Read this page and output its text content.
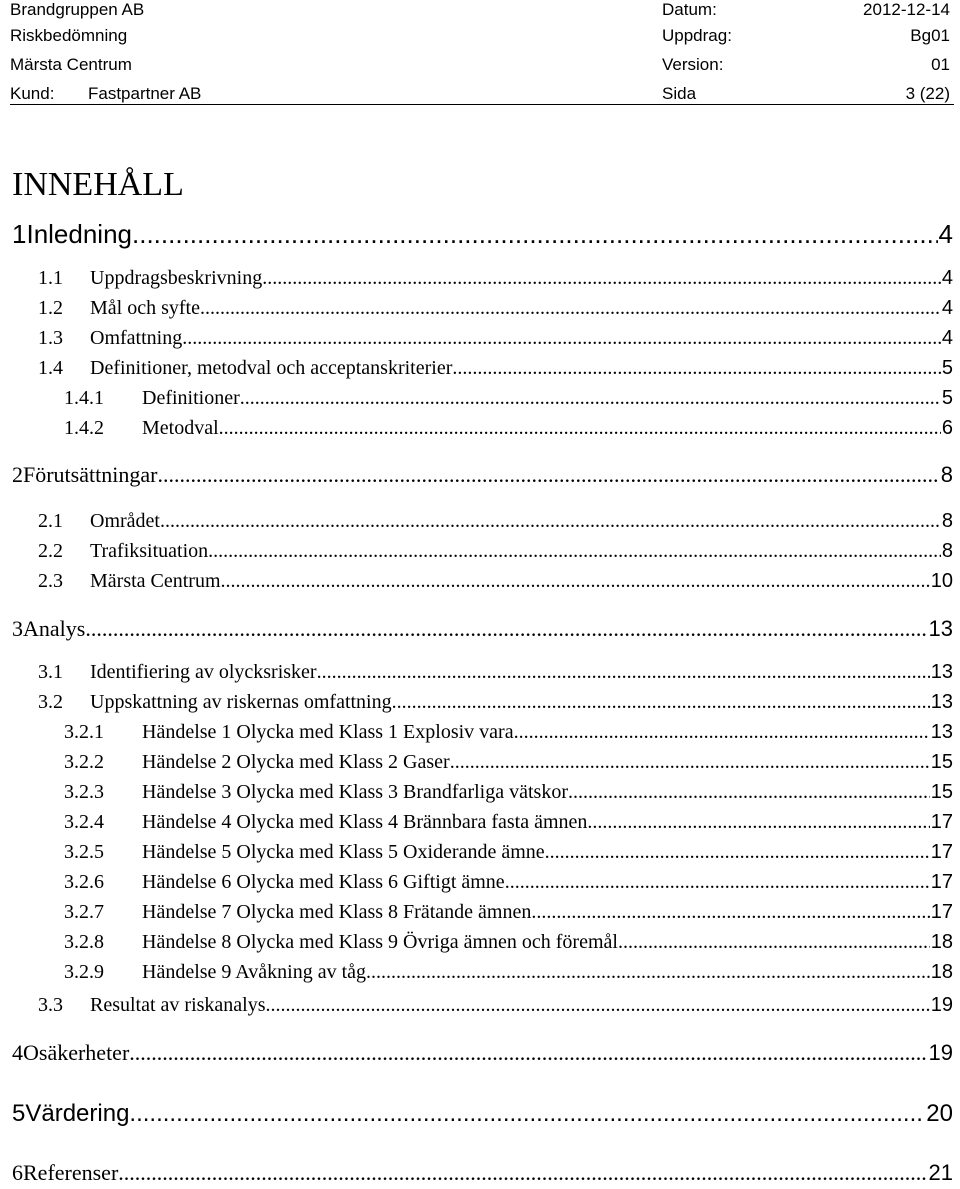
Brandgruppen AB	Datum:	2012-12-14
Riskbedömning	Uppdrag:	Bg01
Märsta Centrum	Version:	01
Kund: Fastpartner AB	Sida	3 (22)
INNEHÅLL
1 Inledning .....	4
1.1	Uppdragsbeskrivning .....	4
1.2	Mål och syfte .....	4
1.3	Omfattning .....	4
1.4	Definitioner, metodval och acceptanskriterier .....	5
1.4.1	Definitioner .....	5
1.4.2	Metodval .....	6
2 Förutsättningar .....	8
2.1	Området .....	8
2.2	Trafiksituation .....	8
2.3	Märsta Centrum .....	10
3 Analys .....	13
3.1	Identifiering av olycksrisker .....	13
3.2	Uppskattning av riskernas omfattning .....	13
3.2.1	Händelse 1 Olycka med Klass 1 Explosiv vara .....	13
3.2.2	Händelse 2 Olycka med Klass 2 Gaser .....	15
3.2.3	Händelse 3 Olycka med Klass 3 Brandfarliga vätskor .....	15
3.2.4	Händelse 4 Olycka med Klass 4 Brännbara fasta ämnen .....	17
3.2.5	Händelse 5 Olycka med Klass 5 Oxiderande ämne .....	17
3.2.6	Händelse 6 Olycka med Klass 6 Giftigt ämne .....	17
3.2.7	Händelse 7 Olycka med Klass 8 Frätande ämnen .....	17
3.2.8	Händelse 8 Olycka med Klass 9 Övriga ämnen och föremål .....	18
3.2.9	Händelse 9 Avåkning av tåg .....	18
3.3	Resultat av riskanalys .....	19
4 Osäkerheter .....	19
5 Värdering .....	20
6 Referenser .....	21
